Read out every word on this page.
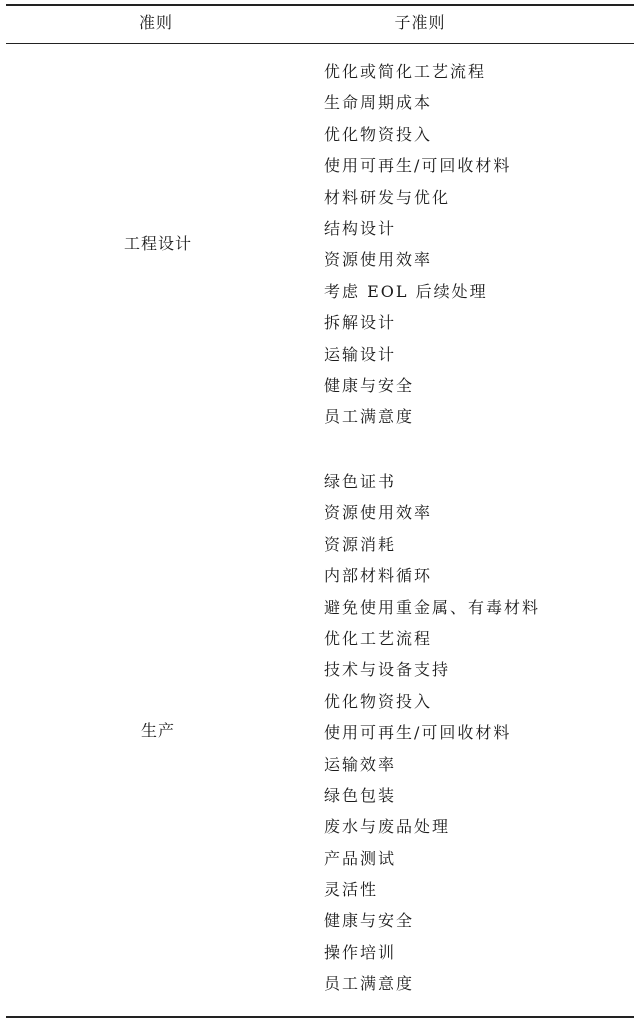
准则	子准则
工程设计
优化或简化工艺流程
生命周期成本
优化物资投入
使用可再生/可回收材料
材料研发与优化
结构设计
资源使用效率
考虑 EOL 后续处理
拆解设计
运输设计
健康与安全
员工满意度
生产
绿色证书
资源使用效率
资源消耗
内部材料循环
避免使用重金属、有毒材料
优化工艺流程
技术与设备支持
优化物资投入
使用可再生/可回收材料
运输效率
绿色包装
废水与废品处理
产品测试
灵活性
健康与安全
操作培训
员工满意度
